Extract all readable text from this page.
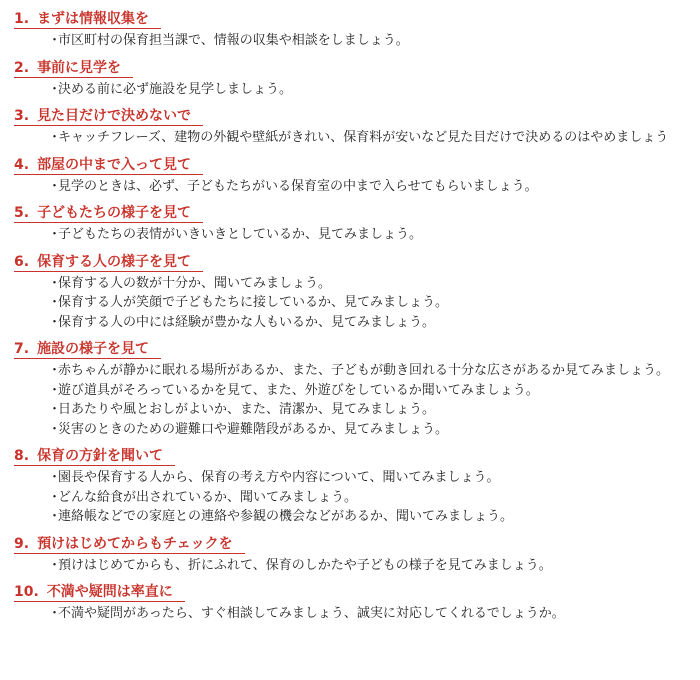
1. まずは情報収集を
・
市区町村の保育担当課で、情報の収集や相談をしましょう。
2. 事前に見学を
・
決める前に必ず施設を見学しましょう。
3. 見た目だけで決めないで
・
キャッチフレーズ、建物の外観や壁紙がきれい、保育料が安いなど見た目だけで決めるのはやめましょう
4. 部屋の中まで入って見て
・
見学のときは、必ず、子どもたちがいる保育室の中まで入らせてもらいましょう。
5. 子どもたちの様子を見て
・
子どもたちの表情がいきいきとしているか、見てみましょう。
6. 保育する人の様子を見て
・
保育する人の数が十分か、聞いてみましょう。
・
保育する人が笑顔で子どもたちに接しているか、見てみましょう。
・
保育する人の中には経験が豊かな人もいるか、見てみましょう。
7. 施設の様子を見て
・
赤ちゃんが静かに眠れる場所があるか、また、子どもが動き回れる十分な広さがあるか見てみましょう。
・
遊び道具がそろっているかを見て、また、外遊びをしているか聞いてみましょう。
・
日あたりや風とおしがよいか、また、清潔か、見てみましょう。
・
災害のときのための避難口や避難階段があるか、見てみましょう。
8. 保育の方針を聞いて
・
園長や保育する人から、保育の考え方や内容について、聞いてみましょう。
・
どんな給食が出されているか、聞いてみましょう。
・
連絡帳などでの家庭との連絡や参観の機会などがあるか、聞いてみましょう。
9. 預けはじめてからもチェックを
・
預けはじめてからも、折にふれて、保育のしかたや子どもの様子を見てみましょう。
10. 不満や疑問は率直に
・
不満や疑問があったら、すぐ相談してみましょう、誠実に対応してくれるでしょうか。
